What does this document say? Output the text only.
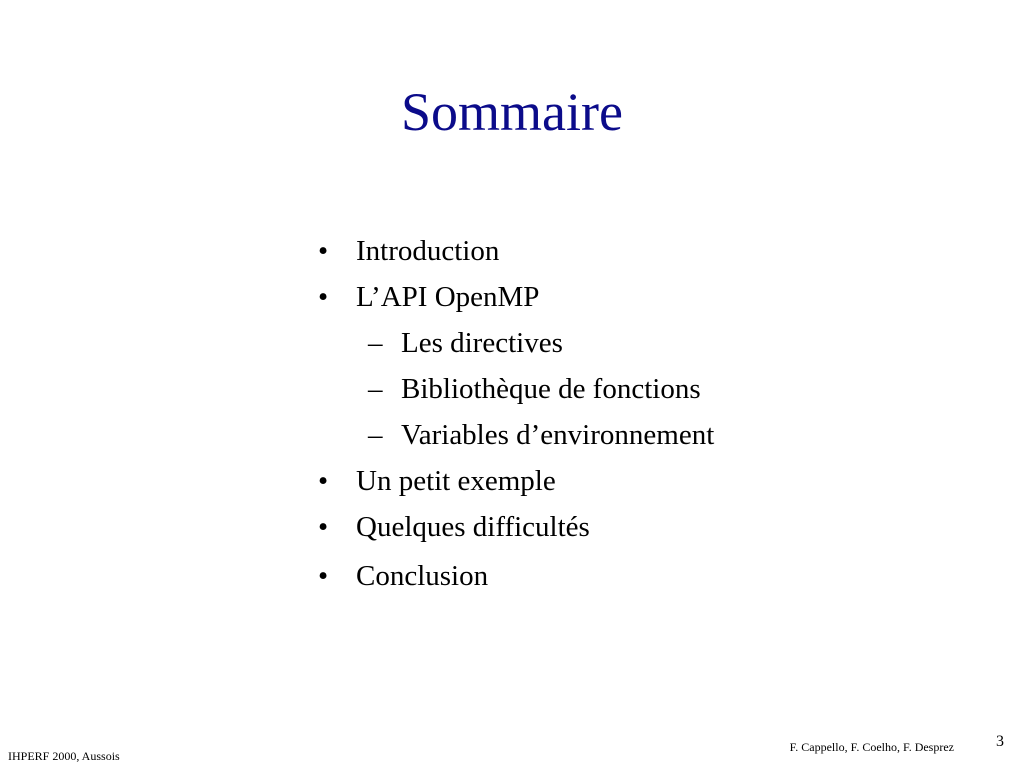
Sommaire
• Introduction
• L’API OpenMP
– Les directives
– Bibliothèque de fonctions
– Variables d’environnement
• Un petit exemple
• Quelques difficultés
• Conclusion
IHPERF 2000, Aussois
F. Cappello, F. Coelho, F. Desprez	3
